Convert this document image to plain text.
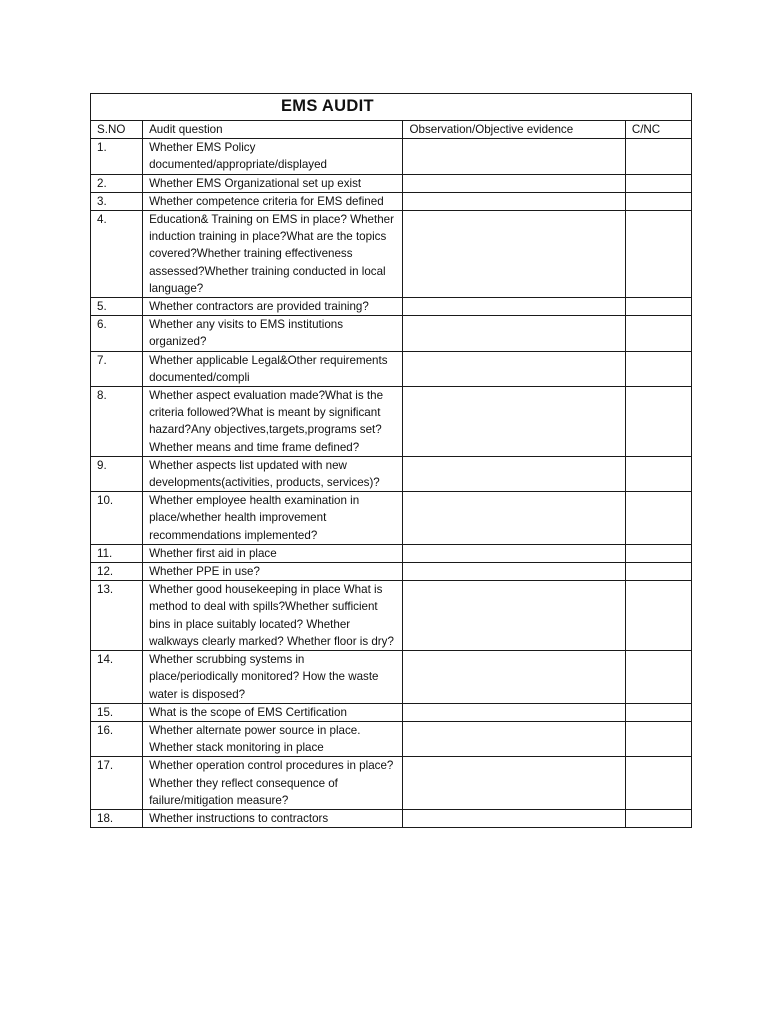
EMS AUDIT			
S.NO	Audit question	Observation/Objective evidence	C/NC
1.	Whether EMS Policy documented/appropriate/displayed		
2.	Whether EMS Organizational set up exist		
3.	Whether competence criteria for EMS defined		
4.	Education& Training on EMS in place? Whether induction training in place?What are the topics covered?Whether training effectiveness assessed?Whether training conducted in local language?		
5.	Whether contractors are provided training?		
6.	Whether any visits to EMS institutions organized?		
7.	Whether applicable Legal&Other requirements documented/compli		
8.	Whether aspect evaluation made?What is the criteria followed?What is meant by significant hazard?Any objectives,targets,programs set?Whether means and time frame defined?		
9.	Whether aspects list updated with new developments(activities, products, services)?		
10.	Whether employee health examination in place/whether health improvement recommendations implemented?		
11.	Whether first aid in place		
12.	Whether PPE in use?		
13.	Whether good housekeeping in place What is method to deal with spills?Whether sufficient bins in place suitably located? Whether walkways clearly marked? Whether floor is dry?		
14.	Whether scrubbing systems in place/periodically monitored? How the waste water is disposed?		
15.	What is the scope of EMS Certification		
16.	Whether alternate power source in place. Whether stack monitoring in place		
17.	Whether operation control procedures in place? Whether they reflect consequence of failure/mitigation measure?		
18.	Whether instructions to contractors		
